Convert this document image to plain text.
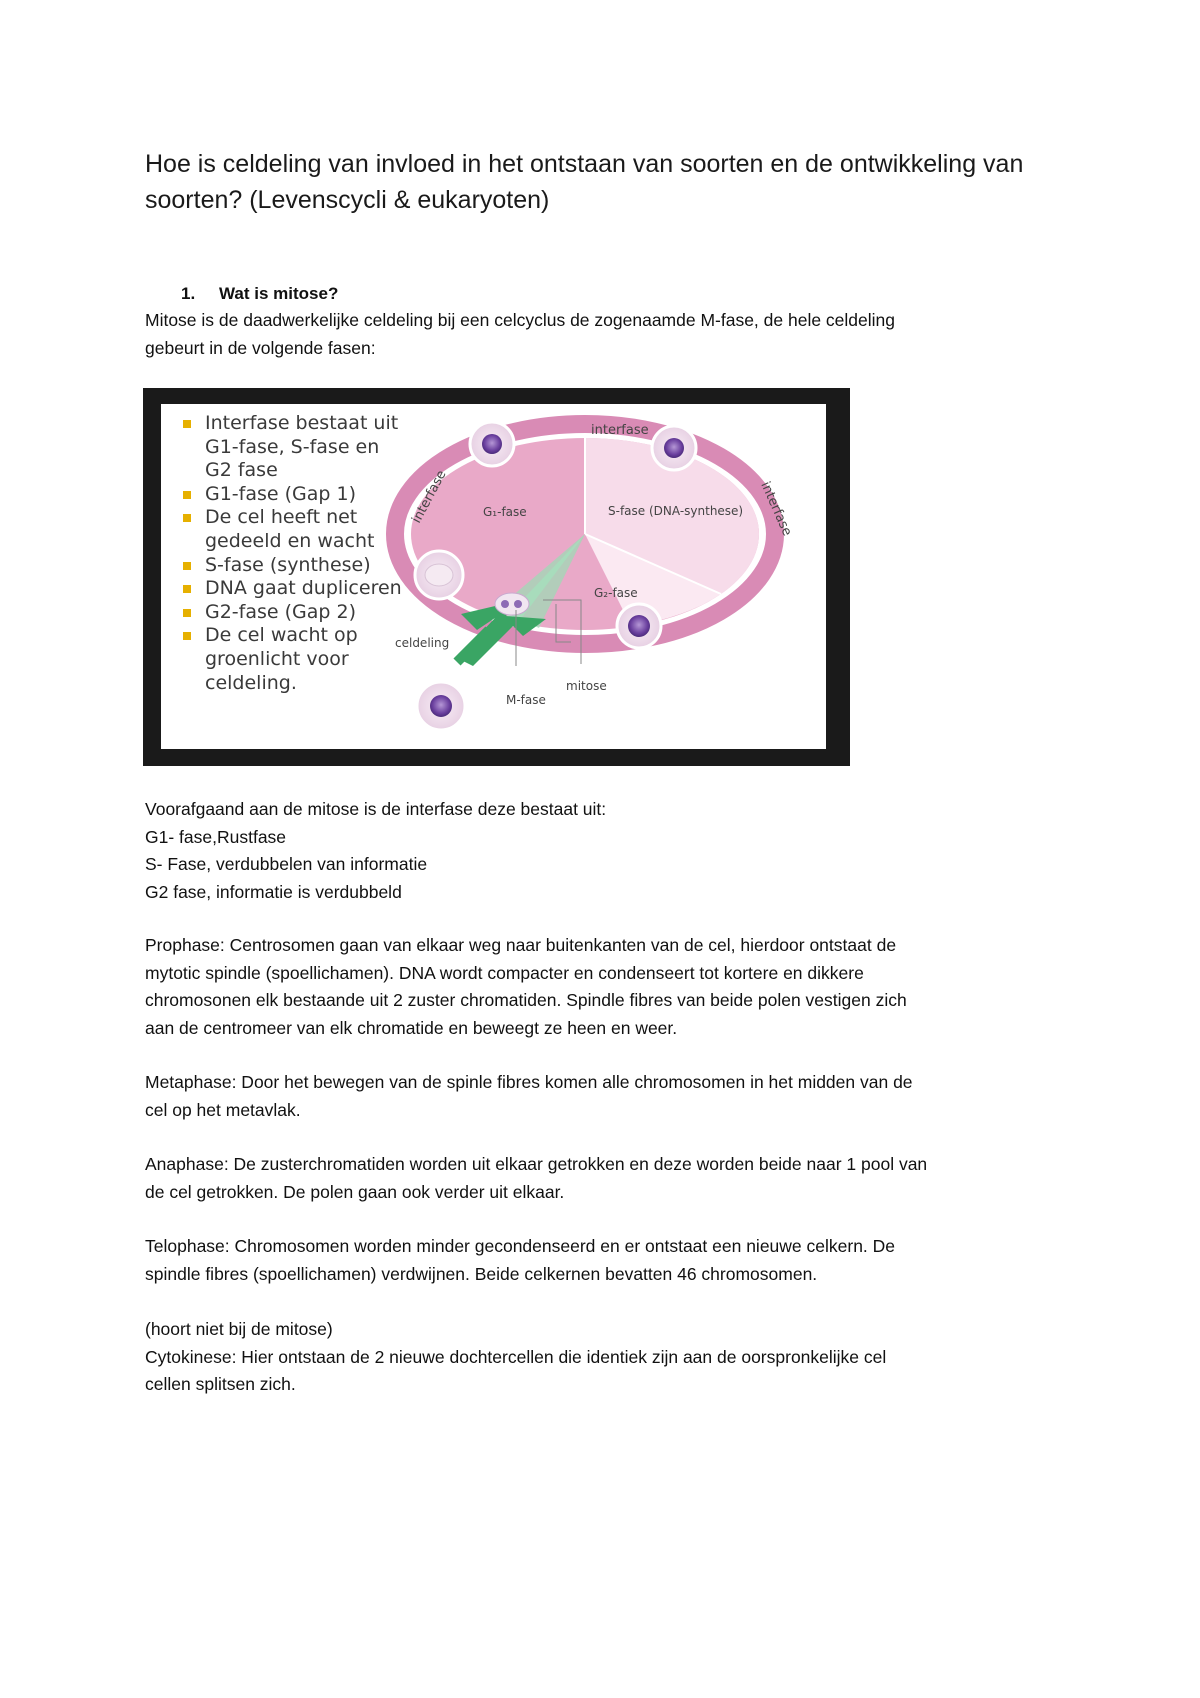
Hoe is celdeling van invloed in het ontstaan van soorten en de ontwikkeling van soorten? (Levenscycli & eukaryoten)
1. Wat is mitose?
Mitose is de daadwerkelijke celdeling bij een celcyclus de zogenaamde M-fase, de hele celdeling
gebeurt in de volgende fasen:
Interfase bestaat uit G1-fase, S-fase en G2 fase
G1-fase (Gap 1)
De cel heeft net gedeeld en wacht
S-fase (synthese)
DNA gaat dupliceren
G2-fase (Gap 2)
De cel wacht op groenlicht voor celdeling.
interfase
interfase	interfase
G₁-fase	S-fase (DNA-synthese)
G₂-fase
celdeling
mitose
M-fase
Voorafgaand aan de mitose is de interfase deze bestaat uit:
G1- fase,Rustfase
S- Fase, verdubbelen van informatie
G2 fase, informatie is verdubbeld
Prophase: Centrosomen gaan van elkaar weg naar buitenkanten van de cel, hierdoor ontstaat de
mytotic spindle (spoellichamen). DNA wordt compacter en condenseert tot kortere en dikkere
chromosonen elk bestaande uit 2 zuster chromatiden. Spindle fibres van beide polen vestigen zich
aan de centromeer van elk chromatide en beweegt ze heen en weer.
Metaphase: Door het bewegen van de spinle fibres komen alle chromosomen in het midden van de
cel op het metavlak.
Anaphase: De zusterchromatiden worden uit elkaar getrokken en deze worden beide naar 1 pool van
de cel getrokken. De polen gaan ook verder uit elkaar.
Telophase: Chromosomen worden minder gecondenseerd en er ontstaat een nieuwe celkern. De
spindle fibres (spoellichamen) verdwijnen. Beide celkernen bevatten 46 chromosomen.
(hoort niet bij de mitose)
Cytokinese: Hier ontstaan de 2 nieuwe dochtercellen die identiek zijn aan de oorspronkelijke cel
cellen splitsen zich.
